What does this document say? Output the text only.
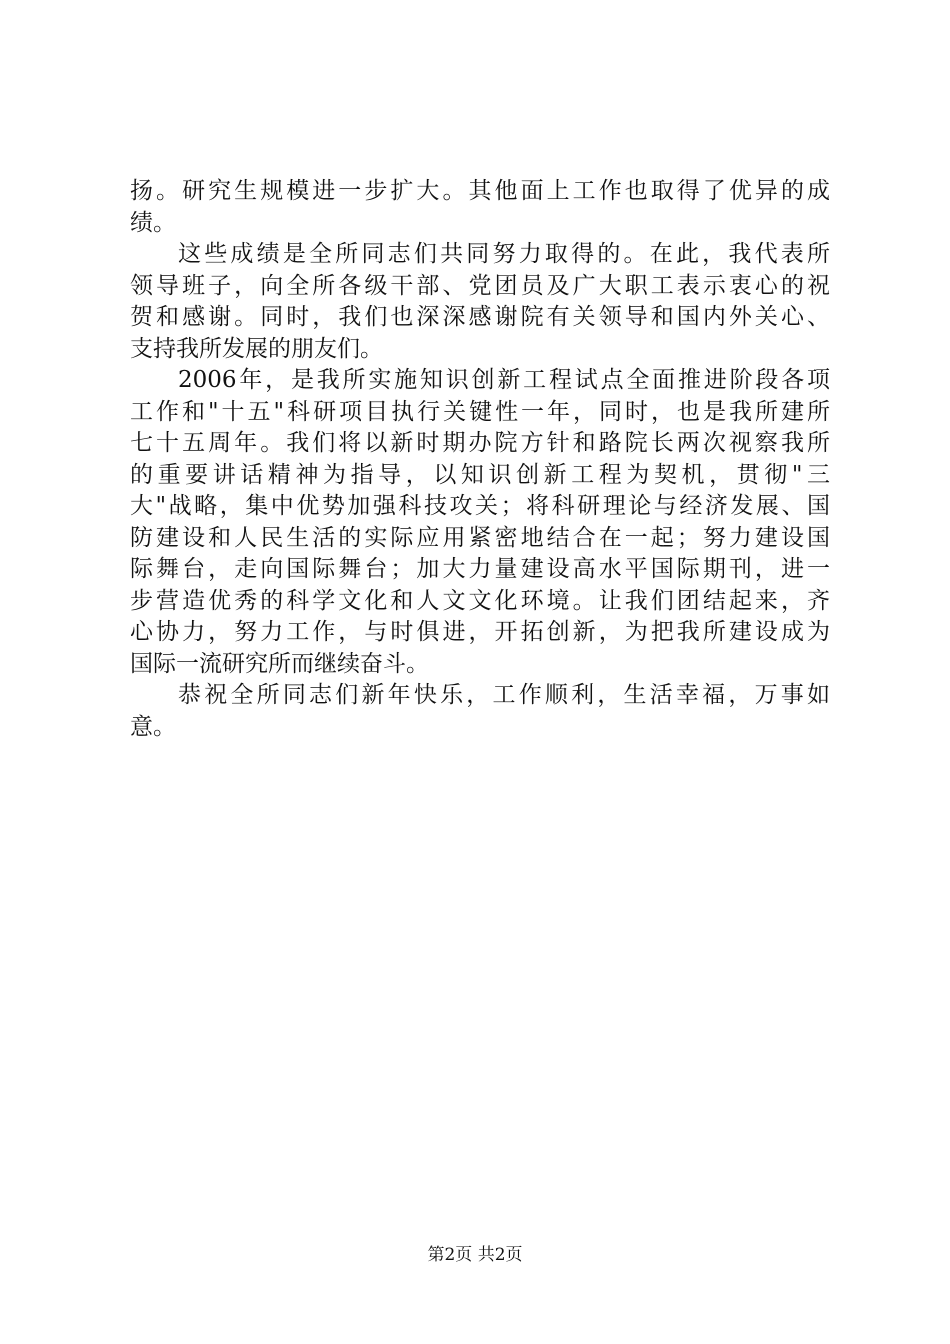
扬。研究生规模进一步扩大。其他面上工作也取得了优异的成
绩。
这些成绩是全所同志们共同努力取得的。在此，我代表所
领导班子，向全所各级干部、党团员及广大职工表示衷心的祝
贺和感谢。同时，我们也深深感谢院有关领导和国内外关心、
支持我所发展的朋友们。
2006年，是我所实施知识创新工程试点全面推进阶段各项
工作和"十五"科研项目执行关键性一年，同时，也是我所建所
七十五周年。我们将以新时期办院方针和路院长两次视察我所
的重要讲话精神为指导，以知识创新工程为契机，贯彻"三
大"战略，集中优势加强科技攻关；将科研理论与经济发展、国
防建设和人民生活的实际应用紧密地结合在一起；努力建设国
际舞台，走向国际舞台；加大力量建设高水平国际期刊，进一
步营造优秀的科学文化和人文文化环境。让我们团结起来，齐
心协力，努力工作，与时俱进，开拓创新，为把我所建设成为
国际一流研究所而继续奋斗。
恭祝全所同志们新年快乐，工作顺利，生活幸福，万事如
意。
第2页 共2页
